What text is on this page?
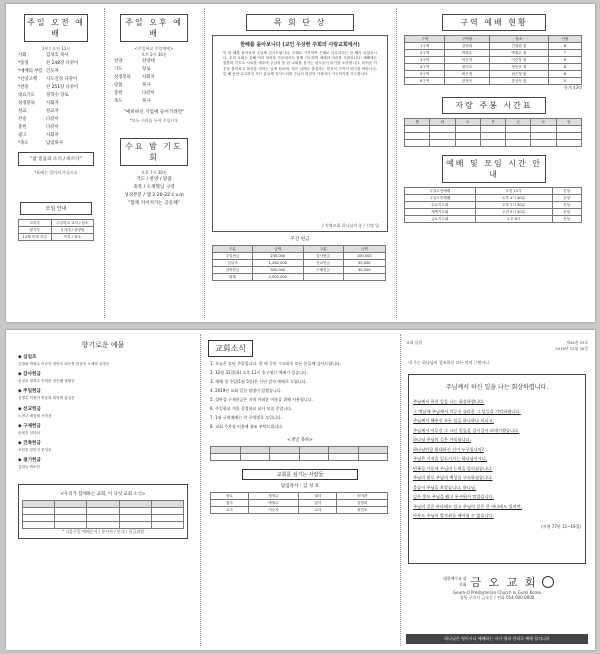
주일 오전 예배
1부 / 오전 11시
사회	김성호 목사
*송영	찬 248장 다같이
*예배의 부름 인도자
*신앙고백	사도신경 다같이
*찬송	찬 251장 다같이
대표기도	정혁수 장로
성경봉독	사회자
설교	설교자
찬송	다같이
봉헌	다같이
광고	사회자
*축도	담임목사
"참 믿음의 소식 / 바르다"
*표에는 일어서 주십시오
모임 안내
교육부	주일학교 교사 / 장소
봉사부	성가대 / 찬양팀
12월 목자 모임	목자 / 장소
주일 오후 예배
<주일학교 주일예배>
오후 2시 30분
찬양	찬양대
기도	장로
성경봉독	사회자
말씀	목사
봉헌	다같이
축도	목사
"예비하신 기업에 들어가려면"
*모두 거리를 두어 주십시오
수요 밤 기도회
오후 7시 30분
기도 / 찬양 / 말씀
축복 / 오재혁님 구역
성경본문 / 엡 2:20-22 c.v.m
"함께 지어져가는 공동체"
목 회 단 상
한해를 돌아보니다 (교인 우상현 주회의 사랑교회에서)
이 한 해를 돌아보며 주님께 감사드립니다. 은혜로 시작하여 은혜로 마무리하는 한 해가 되었습니다. 우리 교회는 올해 여러 어려움 가운데서도 함께 기도하며 예배의 자리를 지켰습니다. 새해에도 말씀과 기도로 서로를 세우며 주님의 몸 된 교회를 섬기는 성도들이 되기를 소망합니다. 어려운 이웃을 돌아보고 복음을 전하는 일에 힘쓰며, 작은 일에도 충성하는 믿음의 가족이 되기를 바랍니다. 한 해 동안 수고하신 모든 분들께 감사드리며 주님의 평강이 가정마다 가득하기를 기도합니다.
/ 지역교회 하나님의 종 / 신명 일
주간 헌금
구분	금액	구분	금액
주일헌금	245,000	감사헌금	100,000
십일조	1,280,000	선교헌금	50,000
건축헌금	300,000	구제헌금	30,000
합계	2,005,000		
구역 예배 현황
구역	구역장	장소	인원
1구역	김영희	김영희 집	8
2구역	박철수	박철수 집	7
3구역	이순자	이순자 집	9
4구역	정민호	정민호 집	6
5구역	최은정	최은정 집	8
6구역	한상욱	한상욱 집	5
합계 43명
자랑 주봉 시간표
월	화	수	목	금	토	일

예배 및 모임 시간 안내
주일오전예배	오전 11시	본당
주일오후예배	오후 2시 30분	본당
수요기도회	오후 7시 30분	본당
새벽기도회	오전 5시 30분	본당
금요기도회	오후 8시	본당
향기로운 예물
◆ 십일조
김영희 박철수 이순자 정민호 최은정 한상욱 오재혁 유명숙
◆ 감사헌금
김성호 정혁수 송미란 장은혜 권태준
◆ 주일헌금
김명수 이정아 박윤희 최영태 홍길순
◆ 선교헌금
노현주 배상철 서미경
◆ 구제헌금
윤세진 임하나
◆ 건축헌금
조현우 강민지 문성호
◆ 절기헌금
김하늘 박소망
<우리가 함께하는 교회, 이 다섯 교회 소식>

* 다음주일 예배순서 / 봉사자 / 안내 / 헌금위원
교회소식
1. 오늘은 송년 주일입니다. 한 해 동안 수고하신 모든 분들께 감사드립니다.
2. 12월 31일(화) 오후 11시 송구영신 예배가 있습니다.
3. 새해 첫 주일(1월 5일)은 신년 감사 예배로 드립니다.
4. 2019년 교회 일꾼 임명이 있겠습니다.
5. 성탄절 구제헌금은 지역 어려운 이웃을 위해 사용됩니다.
6. 주일학교 겨울 성경학교 교사 모집 중입니다.
7. 1월 구역예배는 각 구역별로 모입니다.
8. 교회 주차장 이용에 협조 부탁드립니다.
<생일 축하>

교회를 섬기는 사람들
담임목사 : 김 성 호
장로	정혁수	권사	송미란
집사	박철수	집사	김영희
교사	이순자	교사	정민호
교회 설립	제44권 53호
2018년 12월 30일
내 주는 하나님이 창조하신 모든 것의 근원이니
주님께서 하신 일을 나는 회상하렵니다.
주님께서 하신 일을 나는 회상하렵니다.
그 옛날에 주님께서 이루신 놀라운 그 일들을 기억하렵니다.
주님께서 해주신 모든 일을 하나하나 되뇌고,
주님께서 이루신 그 크신 일들을 깊이깊이 되새기겠습니다.
하나님 주님의 길은 거룩합니다.
하나님만큼 위대하신 신이 누구입니까?
주님은 기적을 일으키시는 하나님이시니,
민족들 가운데 주님의 능력을 알리셨습니다.
주님의 팔로 주님의 백성을 구속하셨습니다.
물들이 주님을 보았습니다, 하나님.
깊은 물도 주님을 뵙고 무서워서 떨었습니다.
주님의 길은 바다에도 있고 주님의 길은 큰 바다에도 있지만,
아무도 주님의 발자취를 헤아릴 수 없습니다.
(시편 77편 11~19절)
대한예수교 장로회 금 오 교 회
Geum-O Presbyterian Church in Gumi Korea
경북 구미시 금오동 / 전화 054-000-0000
하나님은 영이시니 예배하는 자가 영과 진리로 예배 할지니라
